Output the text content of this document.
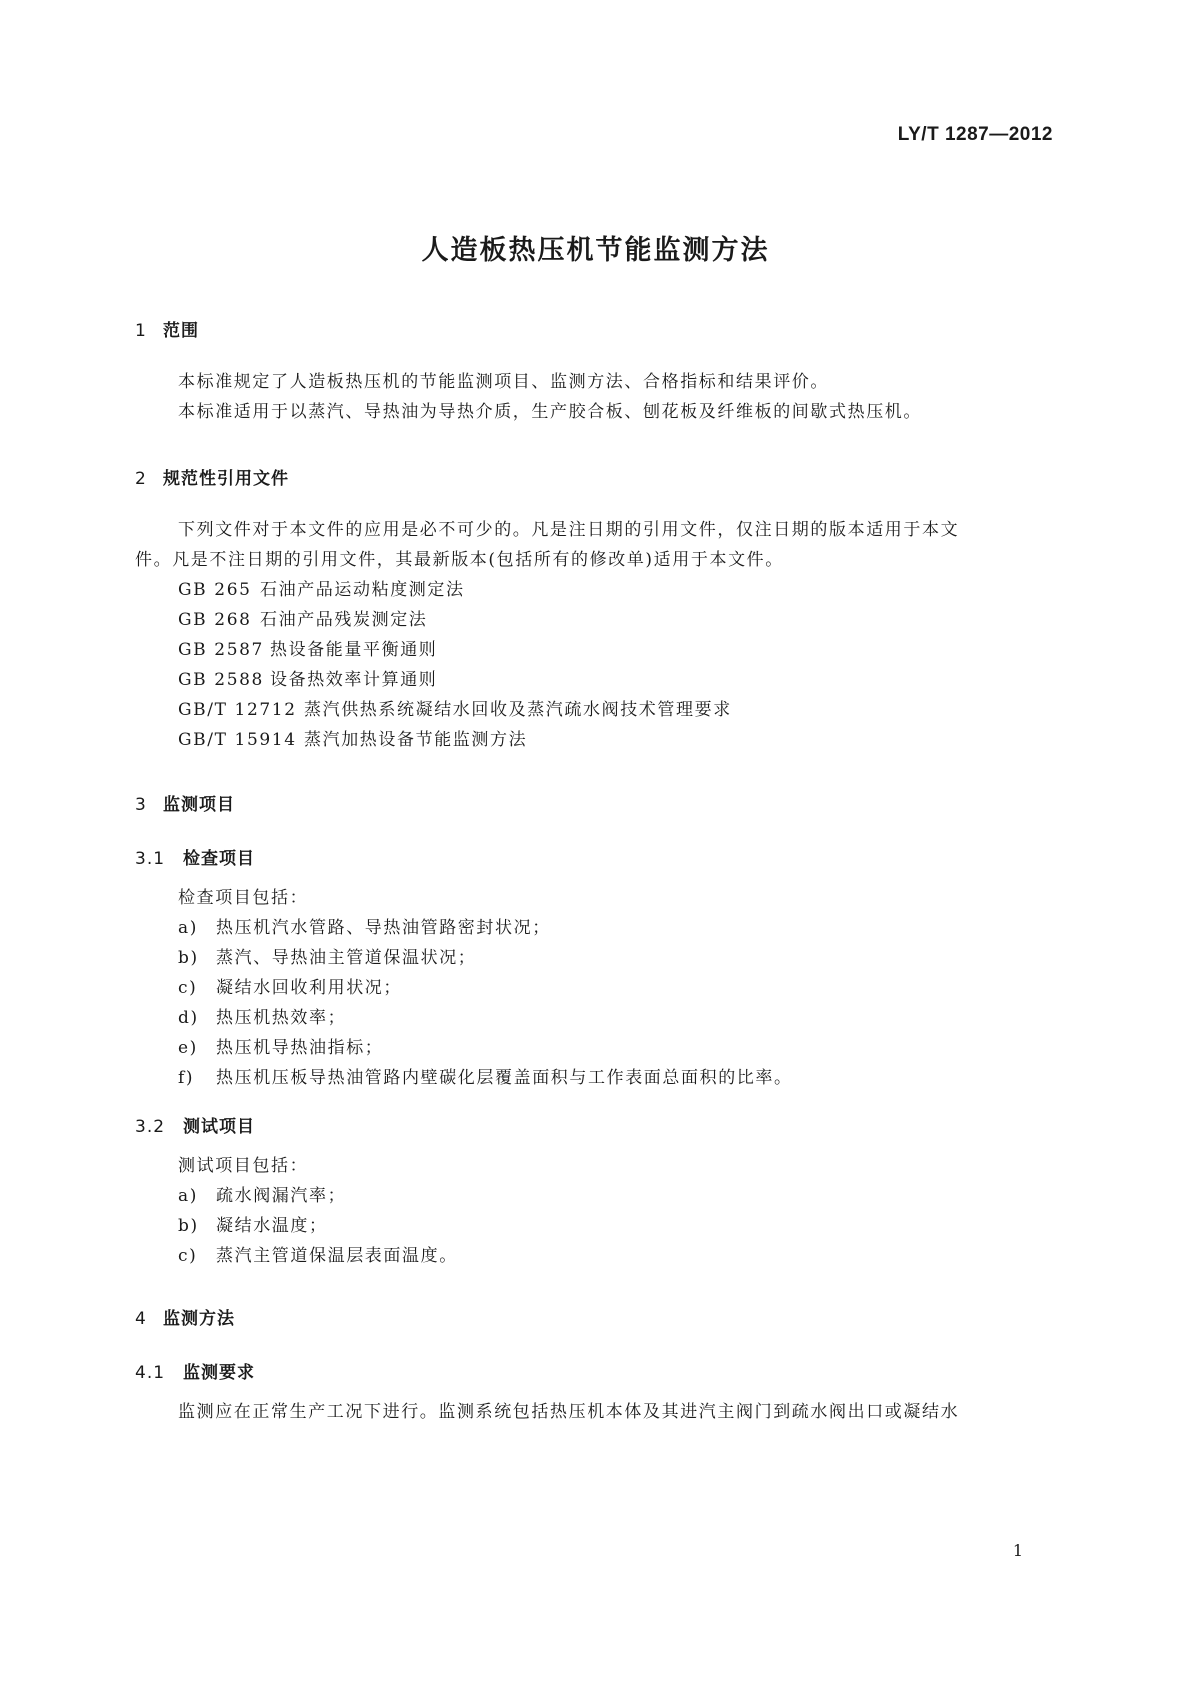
LY/T 1287—2012
人造板热压机节能监测方法
1 范围
本标准规定了人造板热压机的节能监测项目、监测方法、合格指标和结果评价。
本标准适用于以蒸汽、导热油为导热介质，生产胶合板、刨花板及纤维板的间歇式热压机。
2 规范性引用文件
下列文件对于本文件的应用是必不可少的。凡是注日期的引用文件，仅注日期的版本适用于本文
件。凡是不注日期的引用文件，其最新版本(包括所有的修改单)适用于本文件。
GB 265 石油产品运动粘度测定法
GB 268 石油产品残炭测定法
GB 2587 热设备能量平衡通则
GB 2588 设备热效率计算通则
GB/T 12712 蒸汽供热系统凝结水回收及蒸汽疏水阀技术管理要求
GB/T 15914 蒸汽加热设备节能监测方法
3 监测项目
3.1 检查项目
检查项目包括：
a) 热压机汽水管路、导热油管路密封状况；
b) 蒸汽、导热油主管道保温状况；
c) 凝结水回收利用状况；
d) 热压机热效率；
e) 热压机导热油指标；
f) 热压机压板导热油管路内壁碳化层覆盖面积与工作表面总面积的比率。
3.2 测试项目
测试项目包括：
a) 疏水阀漏汽率；
b) 凝结水温度；
c) 蒸汽主管道保温层表面温度。
4 监测方法
4.1 监测要求
监测应在正常生产工况下进行。监测系统包括热压机本体及其进汽主阀门到疏水阀出口或凝结水
1
